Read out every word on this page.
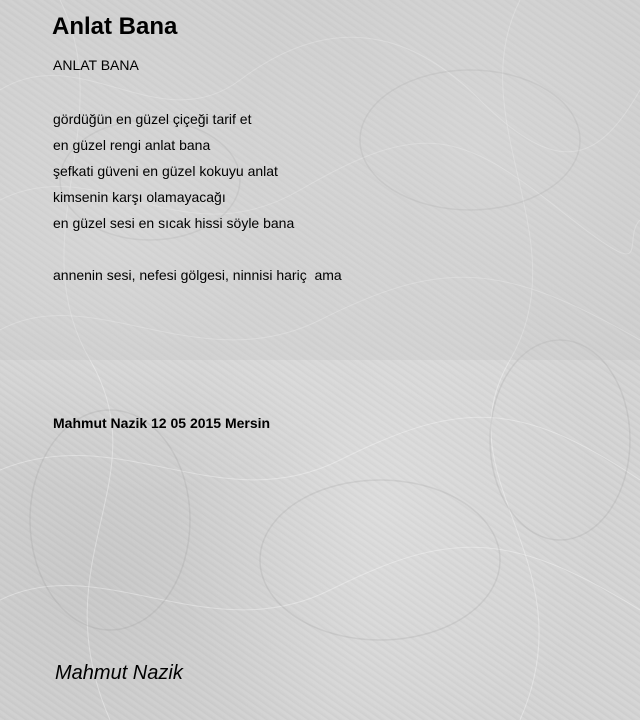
Anlat Bana

ANLAT BANA

gördüğün en güzel çiçeği tarif et
en güzel rengi anlat bana
şefkati güveni en güzel kokuyu anlat
kimsenin karşı olamayacağı
en güzel sesi en sıcak hissi söyle bana
annenin sesi, nefesi gölgesi, ninnisi hariç  ama

Mahmut Nazik 12 05 2015 Mersin

Mahmut Nazik
